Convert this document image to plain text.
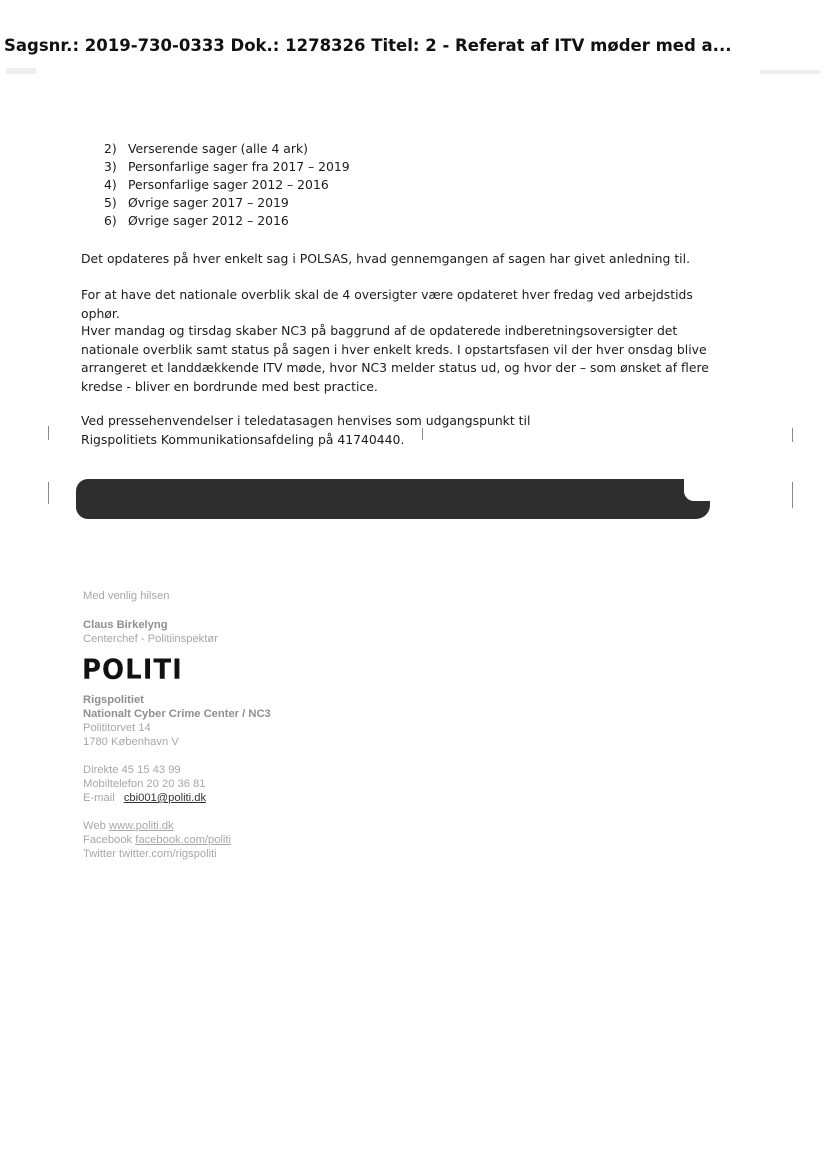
Sagsnr.: 2019-730-0333 Dok.: 1278326 Titel: 2 - Referat af ITV møder med a...
2) Verserende sager (alle 4 ark)
3) Personfarlige sager fra 2017 – 2019
4) Personfarlige sager 2012 – 2016
5) Øvrige sager 2017 – 2019
6) Øvrige sager 2012 – 2016

Det opdateres på hver enkelt sag i POLSAS, hvad gennemgangen af sagen har givet anledning til.

For at have det nationale overblik skal de 4 oversigter være opdateret hver fredag ved arbejdstids ophør.

Hver mandag og tirsdag skaber NC3 på baggrund af de opdaterede indberetningsoversigter det nationale overblik samt status på sagen i hver enkelt kreds. I opstartsfasen vil der hver onsdag blive arrangeret et landdækkende ITV møde, hvor NC3 melder status ud, og hvor der – som ønsket af flere kredse - bliver en bordrunde med best practice.

Ved pressehenvendelser i teledatasagen henvises som udgangspunkt til Rigspolitiets Kommunikationsafdeling på 41740440.

Med venlig hilsen
Claus Birkelyng
Centerchef - Politiinspektør
POLITI
Rigspolitiet
Nationalt Cyber Crime Center / NC3
Polititorvet 14
1780 København V
Direkte 45 15 43 99
Mobiltelefon 20 20 36 81
E-mail cbi001@politi.dk
Web www.politi.dk
Facebook facebook.com/politi
Twitter twitter.com/rigspoliti
